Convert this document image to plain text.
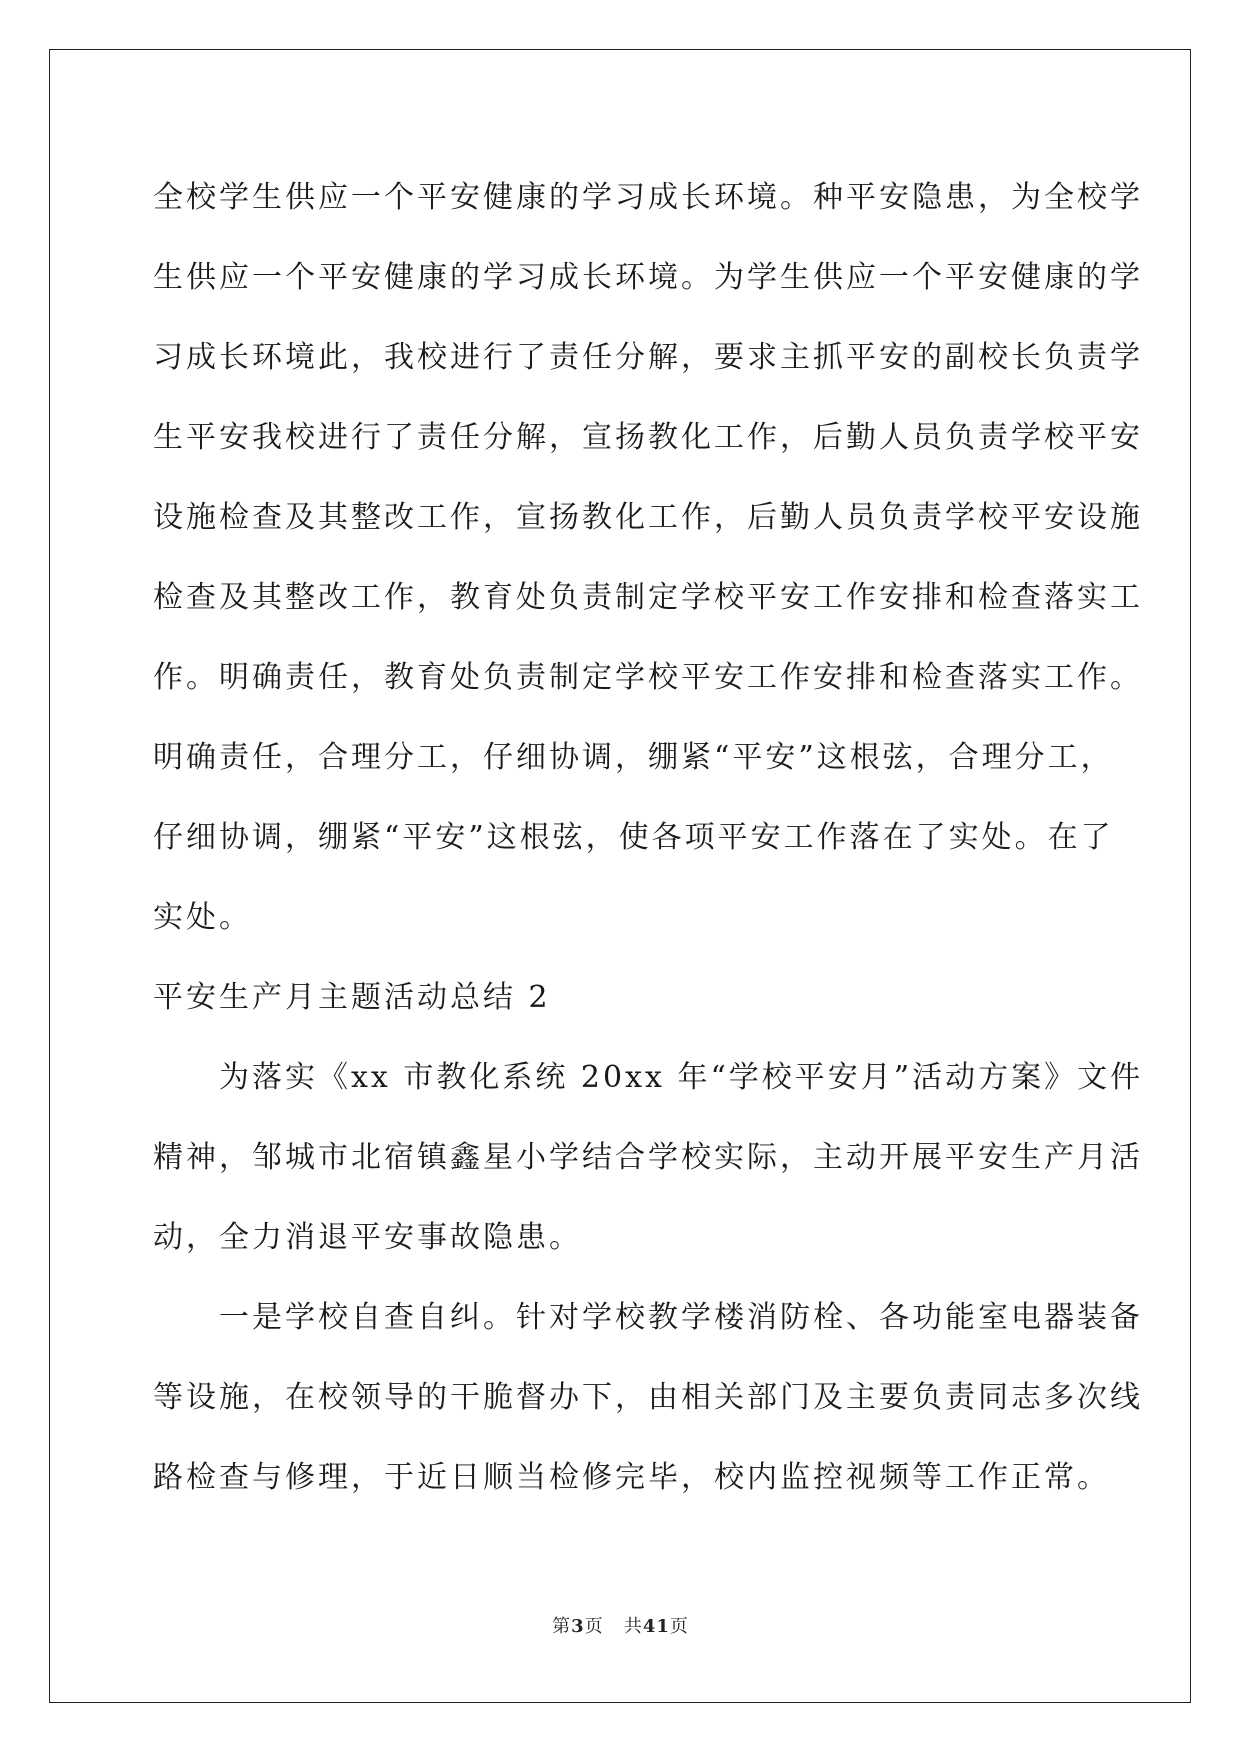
全校学生供应一个平安健康的学习成长环境。种平安隐患，为全校学
生供应一个平安健康的学习成长环境。为学生供应一个平安健康的学
习成长环境此，我校进行了责任分解，要求主抓平安的副校长负责学
生平安我校进行了责任分解，宣扬教化工作，后勤人员负责学校平安
设施检查及其整改工作，宣扬教化工作，后勤人员负责学校平安设施
检查及其整改工作，教育处负责制定学校平安工作安排和检查落实工
作。明确责任，教育处负责制定学校平安工作安排和检查落实工作。
明确责任，合理分工，仔细协调，绷紧“平安”这根弦，合理分工，
仔细协调，绷紧“平安”这根弦，使各项平安工作落在了实处。在了
实处。
平安生产月主题活动总结 2
为落实《xx 市教化系统 20xx 年“学校平安月”活动方案》文件
精神，邹城市北宿镇鑫星小学结合学校实际，主动开展平安生产月活
动，全力消退平安事故隐患。
一是学校自查自纠。针对学校教学楼消防栓、各功能室电器装备
等设施，在校领导的干脆督办下，由相关部门及主要负责同志多次线
路检查与修理，于近日顺当检修完毕，校内监控视频等工作正常。
第3页 共41页
